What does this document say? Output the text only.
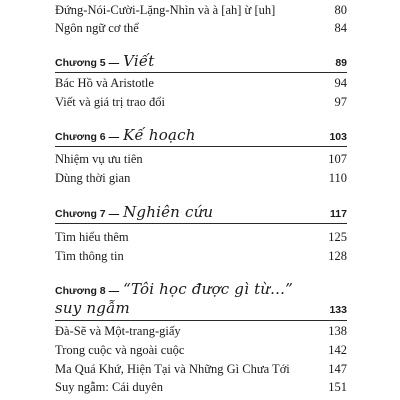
Đứng-Nói-Cười-Lặng-Nhìn và à [ah] ừ [uh]	80
Ngôn ngữ cơ thể	84
Chương 5 — Viết	89
Bác Hồ và Aristotle	94
Viết và giá trị trao đổi	97
Chương 6 — Kế hoạch	103
Nhiệm vụ ưu tiên	107
Dùng thời gian	110
Chương 7 — Nghiên cứu	117
Tìm hiểu thêm	125
Tìm thông tin	128
Chương 8 — “Tôi học được gì từ...”
suy ngẫm	133
Đà-Sẽ và Một-trang-giấy	138
Trong cuộc và ngoài cuộc	142
Ma Quá Khứ, Hiện Tại và Những Gì Chưa Tới	147
Suy ngẫm: Cái duyên	151
